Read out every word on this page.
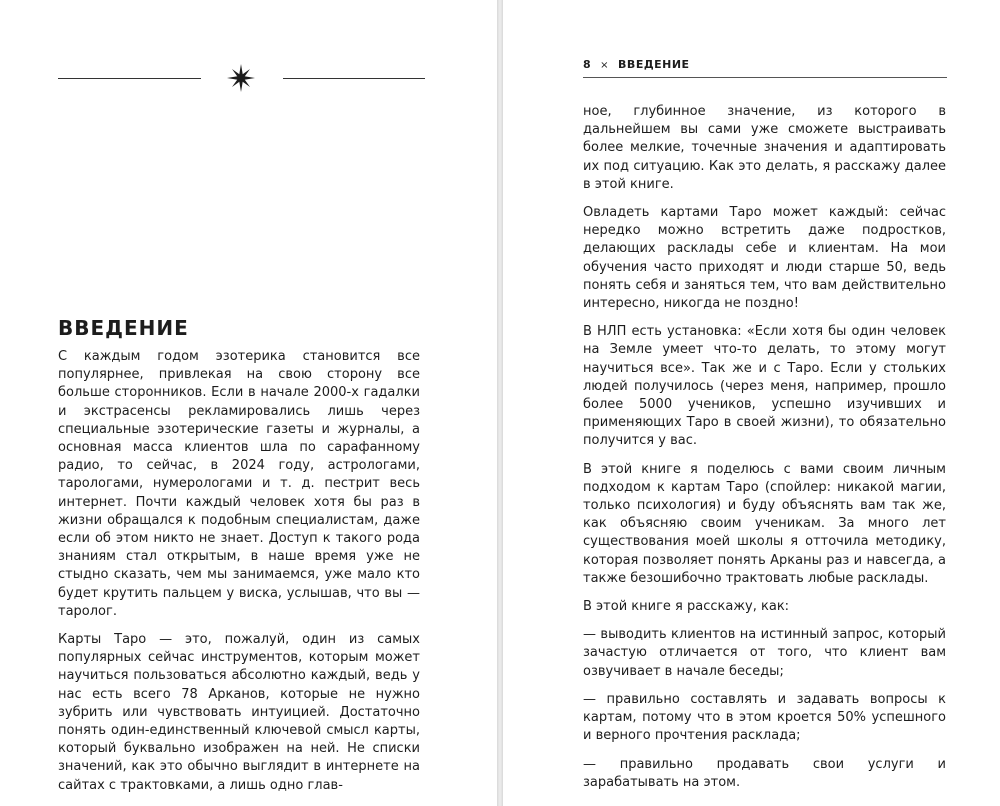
ВВЕДЕНИЕ

С каждым годом эзотерика становится все популярнее, привлекая на свою сторону все больше сторонников. Если в начале 2000-х гадалки и экстрасенсы рекламировались лишь через специальные эзотерические газеты и журналы, а основная масса клиентов шла по сарафанному радио, то сейчас, в 2024 году, астрологами, тарологами, нумерологами и т. д. пестрит весь интернет. Почти каждый человек хотя бы раз в жизни обращался к подобным специалистам, даже если об этом никто не знает. Доступ к такого рода знаниям стал открытым, в наше время уже не стыдно сказать, чем мы занимаемся, уже мало кто будет крутить пальцем у виска, услышав, что вы — таролог.

Карты Таро — это, пожалуй, один из самых популярных сейчас инструментов, которым может научиться пользоваться абсолютно каждый, ведь у нас есть всего 78 Арканов, которые не нужно зубрить или чувствовать интуицией. Достаточно понять один-единственный ключевой смысл карты, который буквально изображен на ней. Не списки значений, как это обычно выглядит в интернете на сайтах с трактовками, а лишь одно глав-

8 × ВВЕДЕНИЕ

ное, глубинное значение, из которого в дальнейшем вы сами уже сможете выстраивать более мелкие, точечные значения и адаптировать их под ситуацию. Как это делать, я расскажу далее в этой книге.

Овладеть картами Таро может каждый: сейчас нередко можно встретить даже подростков, делающих расклады себе и клиентам. На мои обучения часто приходят и люди старше 50, ведь понять себя и заняться тем, что вам действительно интересно, никогда не поздно!

В НЛП есть установка: «Если хотя бы один человек на Земле умеет что-то делать, то этому могут научиться все». Так же и с Таро. Если у стольких людей получилось (через меня, например, прошло более 5000 учеников, успешно изучивших и применяющих Таро в своей жизни), то обязательно получится у вас.

В этой книге я поделюсь с вами своим личным подходом к картам Таро (спойлер: никакой магии, только психология) и буду объяснять вам так же, как объясняю своим ученикам. За много лет существования моей школы я отточила методику, которая позволяет понять Арканы раз и навсегда, а также безошибочно трактовать любые расклады.

В этой книге я расскажу, как:

— выводить клиентов на истинный запрос, который зачастую отличается от того, что клиент вам озвучивает в начале беседы;

— правильно составлять и задавать вопросы к картам, потому что в этом кроется 50% успешного и верного прочтения расклада;

— правильно продавать свои услуги и зарабатывать на этом.
